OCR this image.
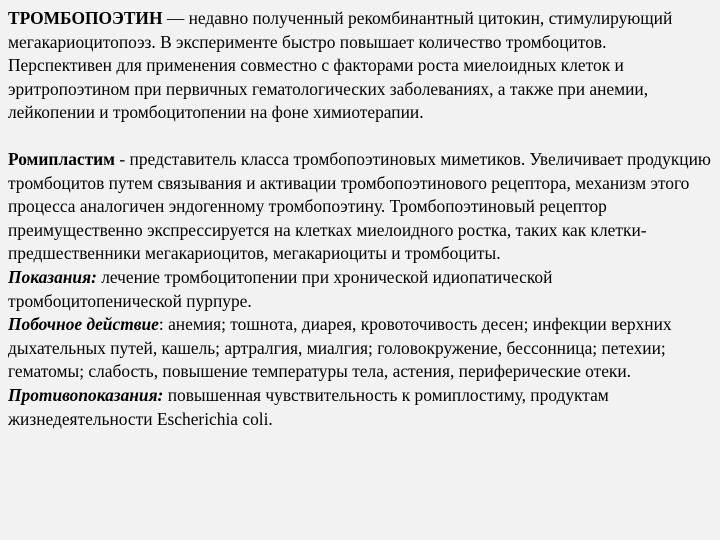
ТРОМБОПОЭТИН — недавно полученный рекомбинантный цитокин, стимулирующий мегакариоцитопоэз. В эксперименте быстро повышает количество тромбоцитов. Перспективен для применения совместно с факторами роста миелоидных клеток и эритропоэтином при первичных гематологических заболеваниях, а также при анемии, лейкопении и тромбоцитопении на фоне химиотерапии.

Ромипластим - представитель класса тромбопоэтиновых миметиков. Увеличивает продукцию тромбоцитов путем связывания и активации тромбопоэтинового рецептора, механизм этого процесса аналогичен эндогенному тромбопоэтину. Тромбопоэтиновый рецептор преимущественно экспрессируется на клетках миелоидного ростка, таких как клетки-предшественники мегакариоцитов, мегакариоциты и тромбоциты.
Показания: лечение тромбоцитопении при хронической идиопатической тромбоцитопенической пурпуре.
Побочное действие: анемия; тошнота, диарея, кровоточивость десен; инфекции верхних дыхательных путей, кашель; артралгия, миалгия; головокружение, бессонница; петехии; гематомы; слабость, повышение температуры тела, астения, периферические отеки.
Противопоказания: повышенная чувствительность к ромиплостиму, продуктам жизнедеятельности Escherichia coli.
